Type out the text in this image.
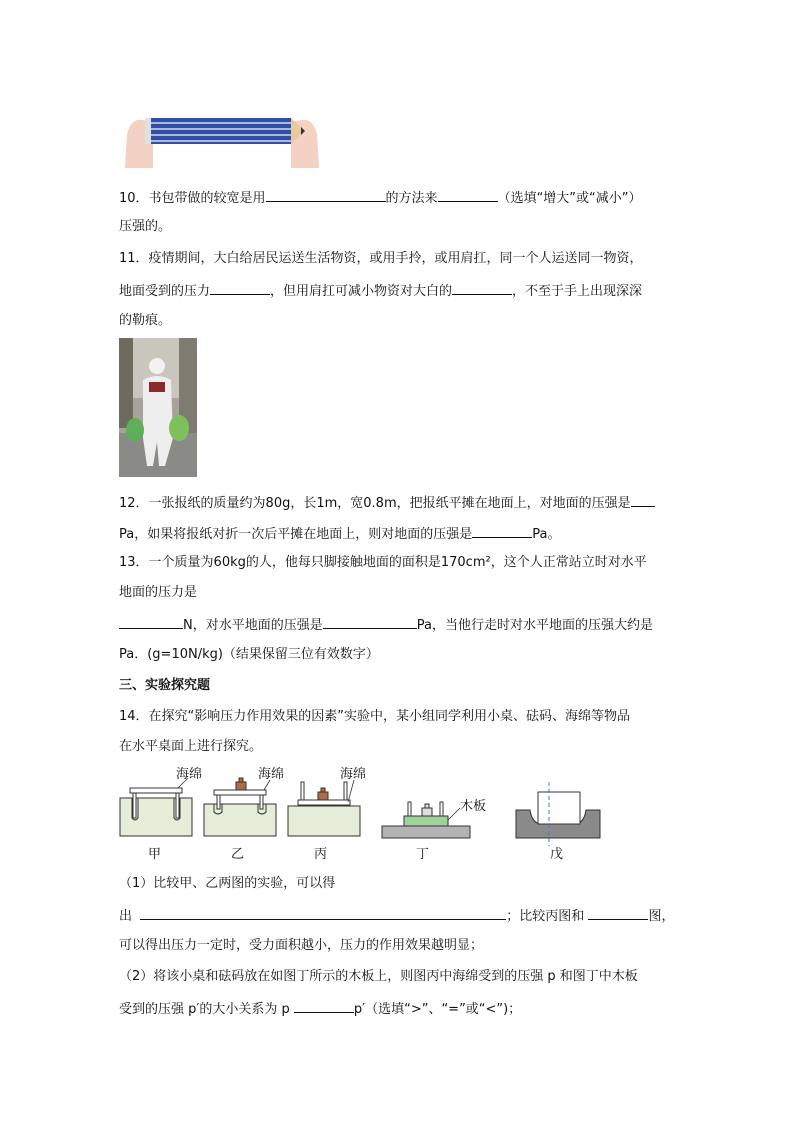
10．书包带做的较宽是用	的方法来	（选填“增大”或“减小”）
压强的。
11．疫情期间，大白给居民运送生活物资，或用手拎，或用肩扛，同一个人运送同一物资，
地面受到的压力	，但用肩扛可减小物资对大白的	，不至于手上出现深深
的勒痕。
12．一张报纸的质量约为80g，长1m，宽0.8m，把报纸平摊在地面上，对地面的压强是
Pa，如果将报纸对折一次后平摊在地面上，则对地面的压强是	Pa。
13．一个质量为60kg的人，他每只脚接触地面的面积是170cm²，这个人正常站立时对水平
地面的压力是
N，对水平地面的压强是	Pa，当他行走时对水平地面的压强大约是
Pa．(g=10N/kg)（结果保留三位有效数字）
三、实验探究题
14．在探究“影响压力作用效果的因素”实验中，某小组同学利用小桌、砝码、海绵等物品
在水平桌面上进行探究。
海绵	海绵	海绵
木板
甲	乙	丙	丁	戊
（1）比较甲、乙两图的实验，可以得
出	；比较丙图和	图，
可以得出压力一定时，受力面积越小，压力的作用效果越明显；
（2）将该小桌和砝码放在如图丁所示的木板上，则图丙中海绵受到的压强 p 和图丁中木板
受到的压强 p′的大小关系为 p	p′（选填“>”、“=”或“<”)；
